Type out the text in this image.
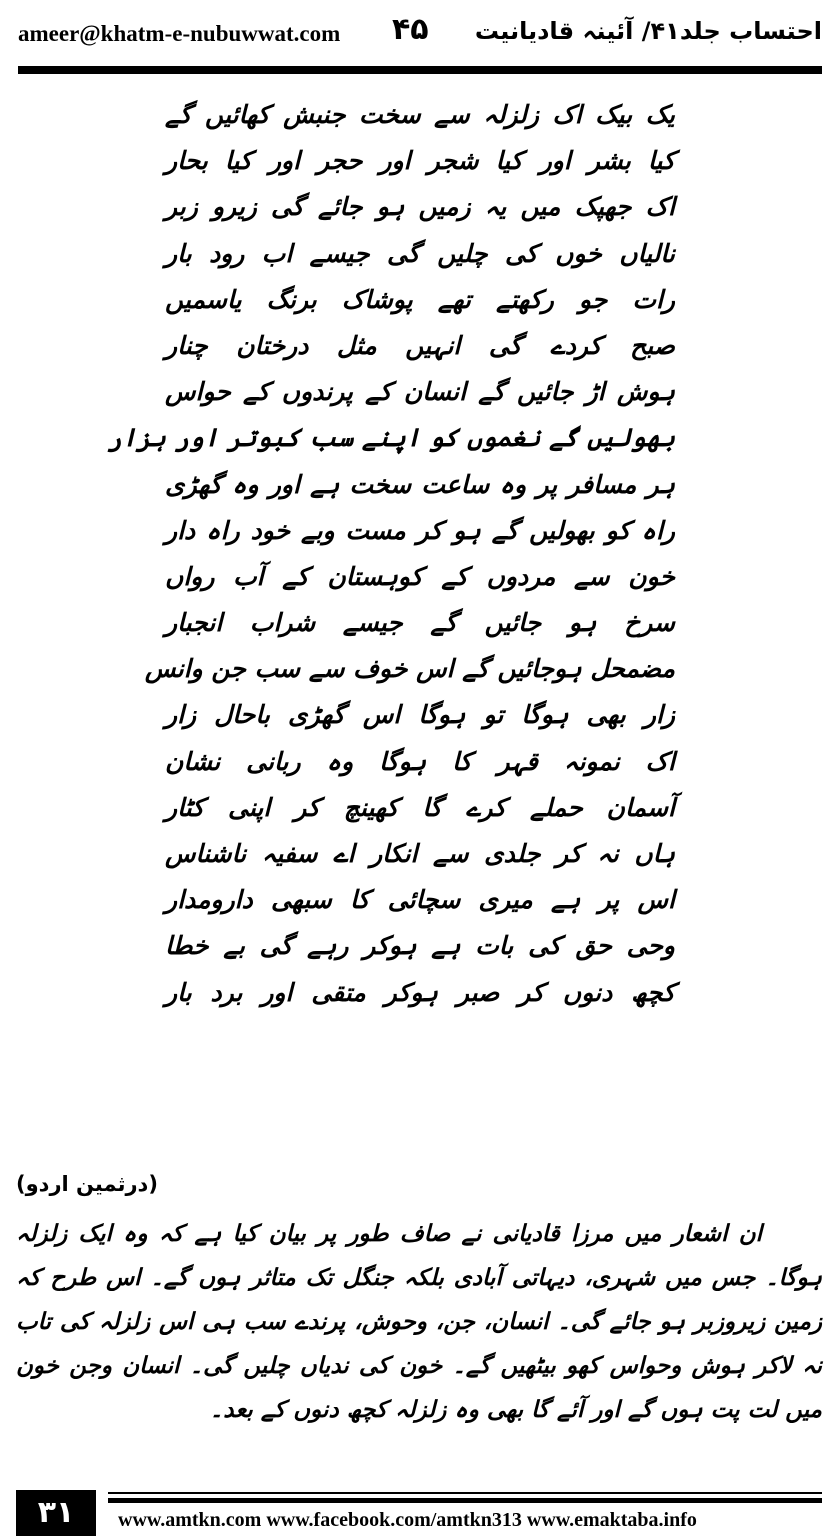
ameer@khatm-e-nubuwwat.com ۴۵ احتساب جلد۴۱/ آئینہ قادیانیت
یک بیک اک زلزلہ سے سخت جنبش کھائیں گے
کیا بشر اور کیا شجر اور حجر اور کیا بحار
اک جھپک میں یہ زمیں ہو جائے گی زیرو زبر
نالیاں خوں کی چلیں گی جیسے اب رود بار
رات جو رکھتے تھے پوشاک برنگ یاسمیں
صبح کردے گی انہیں مثل درختان چنار
ہوش اڑ جائیں گے انسان کے پرندوں کے حواس
بھولیں گے نغموں کو اپنے سب کبوتر اور ہزار
ہر مسافر پر وہ ساعت سخت ہے اور وہ گھڑی
راہ کو بھولیں گے ہو کر مست وبے خود راہ دار
خون سے مردوں کے کوہستان کے آب رواں
سرخ ہو جائیں گے جیسے شراب انجبار
مضمحل ہوجائیں گے اس خوف سے سب جن وانس
زار بھی ہوگا تو ہوگا اس گھڑی باحال زار
اک نمونہ قہر کا ہوگا وہ ربانی نشان
آسمان حملے کرے گا کھینچ کر اپنی کٹار
ہاں نہ کر جلدی سے انکار اے سفیہ ناشناس
اس پر ہے میری سچائی کا سبھی دارومدار
وحی حق کی بات ہے ہوکر رہے گی بے خطا
کچھ دنوں کر صبر ہوکر متقی اور برد بار
(درثمین اردو)

ان اشعار میں مرزا قادیانی نے صاف طور پر بیان کیا ہے کہ وہ ایک زلزلہ ہوگا۔ جس میں شہری، دیہاتی آبادی بلکہ جنگل تک متاثر ہوں گے۔ اس طرح کہ زمین زیروزبر ہو جائے گی۔ انسان، جن، وحوش، پرندے سب ہی اس زلزلہ کی تاب نہ لاکر ہوش وحواس کھو بیٹھیں گے۔ خون کی ندیاں چلیں گی۔ انسان وجن خون میں لت پت ہوں گے اور آئے گا بھی وہ زلزلہ کچھ دنوں کے بعد۔

۳۱	www.amtkn.com www.facebook.com/amtkn313 www.emaktaba.info
